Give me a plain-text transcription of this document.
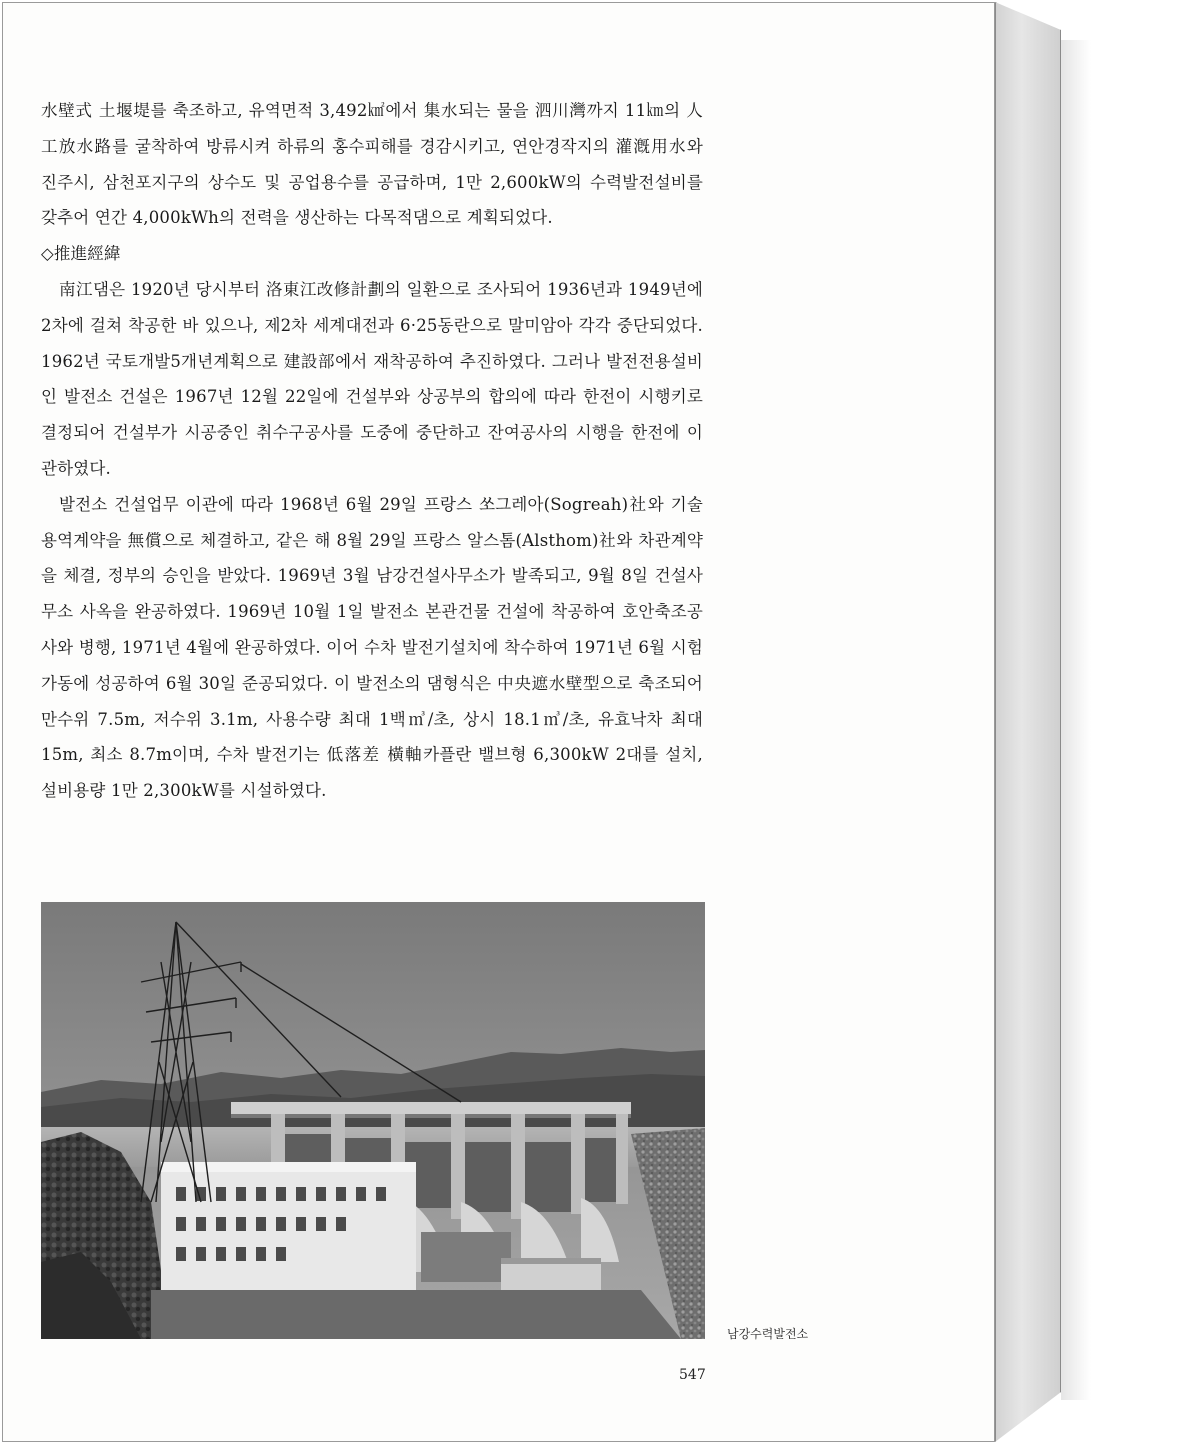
水壁式 土堰堤를 축조하고, 유역면적 3,492㎢에서 集水되는 물을 泗川灣까지 11㎞의 人工放水路를 굴착하여 방류시켜 하류의 홍수피해를 경감시키고, 연안경작지의 灌漑用水와 진주시, 삼천포지구의 상수도 및 공업용수를 공급하며, 1만 2,600kW의 수력발전설비를 갖추어 연간 4,000kWh의 전력을 생산하는 다목적댐으로 계획되었다.

◇推進經緯

南江댐은 1920년 당시부터 洛東江改修計劃의 일환으로 조사되어 1936년과 1949년에 2차에 걸쳐 착공한 바 있으나, 제2차 세계대전과 6·25동란으로 말미암아 각각 중단되었다. 1962년 국토개발5개년계획으로 建設部에서 재착공하여 추진하였다. 그러나 발전전용설비인 발전소 건설은 1967년 12월 22일에 건설부와 상공부의 합의에 따라 한전이 시행키로 결정되어 건설부가 시공중인 취수구공사를 도중에 중단하고 잔여공사의 시행을 한전에 이관하였다.

발전소 건설업무 이관에 따라 1968년 6월 29일 프랑스 쏘그레아(Sogreah)社와 기술용역계약을 無償으로 체결하고, 같은 해 8월 29일 프랑스 알스톰(Alsthom)社와 차관계약을 체결, 정부의 승인을 받았다. 1969년 3월 남강건설사무소가 발족되고, 9월 8일 건설사무소 사옥을 완공하였다. 1969년 10월 1일 발전소 본관건물 건설에 착공하여 호안축조공사와 병행, 1971년 4월에 완공하였다. 이어 수차 발전기설치에 착수하여 1971년 6월 시험가동에 성공하여 6월 30일 준공되었다. 이 발전소의 댐형식은 中央遮水壁型으로 축조되어 만수위 7.5m, 저수위 3.1m, 사용수량 최대 1백㎥/초, 상시 18.1㎥/초, 유효낙차 최대 15m, 최소 8.7m이며, 수차 발전기는 低落差 橫軸카플란 밸브형 6,300kW 2대를 설치, 설비용량 1만 2,300kW를 시설하였다.

남강수력발전소
547
